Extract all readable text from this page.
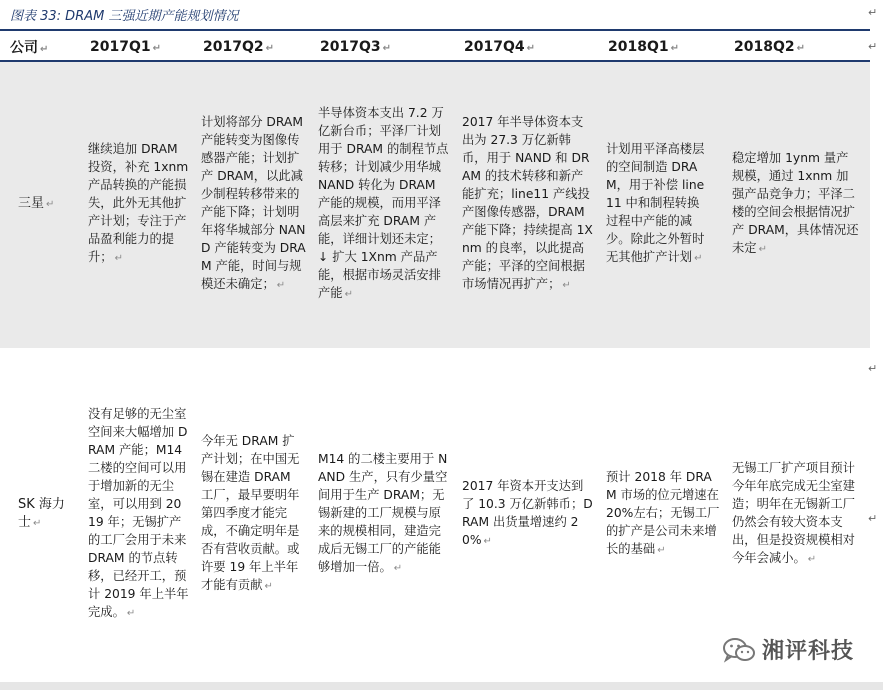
图表 33: DRAM 三强近期产能规划情况	↵
公司 ↵	2017Q1 ↵	2017Q2 ↵	2017Q3 ↵	2017Q4 ↵	2018Q1 ↵	2018Q2 ↵
三星 ↵	继续追加 DRAM 投资，补充 1xnm 产品转换的产能损失，此外无其他扩产计划；专注于产品盈利能力的提升； ↵	计划将部分 DRAM 产能转变为图像传感器产能；计划扩产 DRAM，以此减少制程转移带来的产能下降；计划明年将华城部分 NAND 产能转变为 DRAM 产能，时间与规模还未确定； ↵	半导体资本支出 7.2 万亿新台币；平泽厂计划用于 DRAM 的制程节点转移；计划减少用华城 NAND 转化为 DRAM 产能的规模，而用平泽高层来扩充 DRAM 产能，详细计划还未定；↓ 扩大 1Xnm 产品产能，根据市场灵活安排产能 ↵	2017 年半导体资本支出为 27.3 万亿新韩币，用于 NAND 和 DRAM 的技术转移和新产能扩充；line11 产线投产图像传感器，DRAM 产能下降；持续提高 1Xnm 的良率，以此提高产能；平泽的空间根据市场情况再扩产； ↵	计划用平泽高楼层的空间制造 DRAM，用于补偿 line11 中和制程转换过程中产能的减少。除此之外暂时无其他扩产计划 ↵	稳定增加 1ynm 量产规模，通过 1xnm 加强产品竞争力；平泽二楼的空间会根据情况扩产 DRAM，具体情况还未定 ↵
SK 海力士 ↵	没有足够的无尘室空间来大幅增加 DRAM 产能；M14 二楼的空间可以用于增加新的无尘室，可以用到 2019 年；无锡扩产的工厂会用于未来 DRAM 的节点转移，已经开工，预计 2019 年上半年完成。 ↵	今年无 DRAM 扩产计划；在中国无锡在建造 DRAM 工厂，最早要明年第四季度才能完成，不确定明年是否有营收贡献。或许要 19 年上半年才能有贡献 ↵	M14 的二楼主要用于 NAND 生产，只有少量空间用于生产 DRAM；无锡新建的工厂规模与原来的规模相同，建造完成后无锡工厂的产能能够增加一倍。 ↵	2017 年资本开支达到了 10.3 万亿新韩币；DRAM 出货量增速约 20% ↵	预计 2018 年 DRAM 市场的位元增速在 20%左右；无锡工厂的扩产是公司未来增长的基础 ↵	无锡工厂扩产项目预计今年年底完成无尘室建造；明年在无锡新工厂仍然会有较大资本支出，但是投资规模相对今年会减小。 ↵
↵
↵
↵
湘评科技
